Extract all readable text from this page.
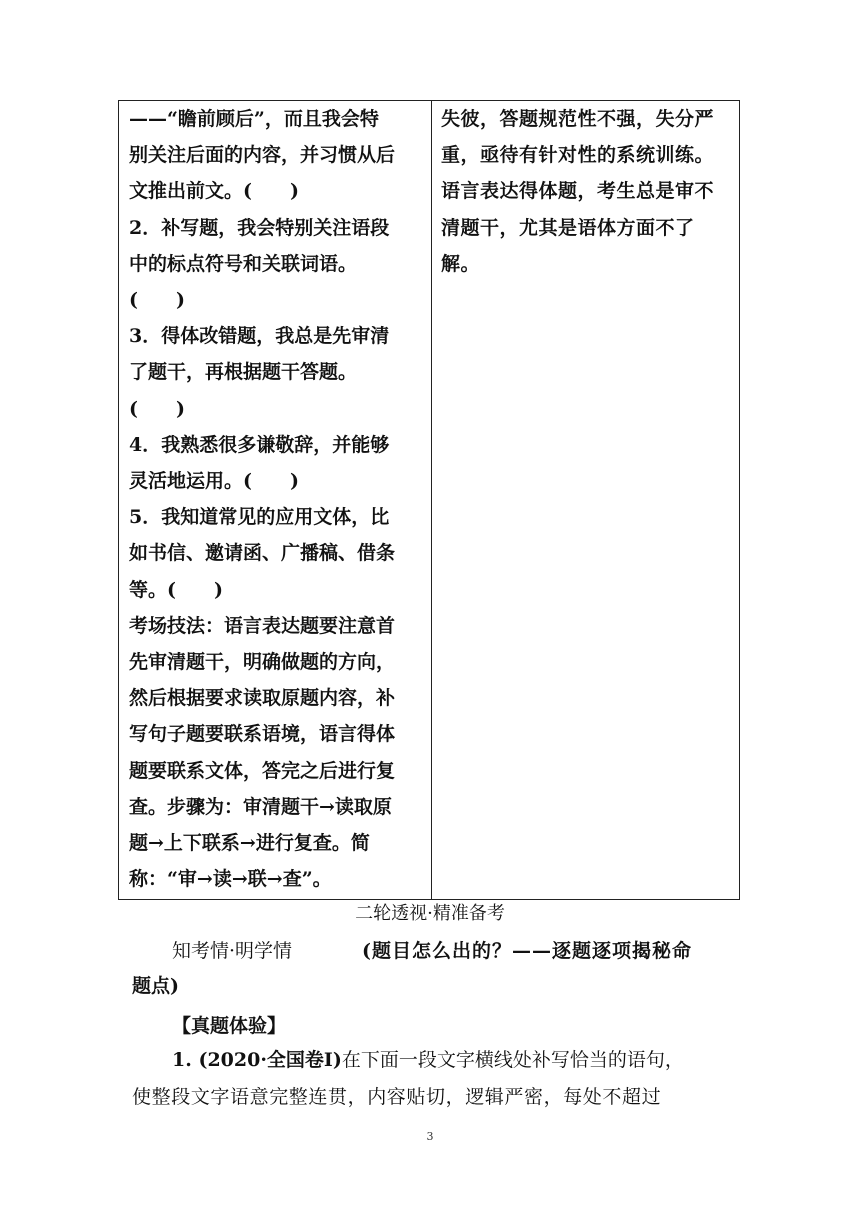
——“瞻前顾后”，而且我会特
别关注后面的内容，并习惯从后
文推出前文。(　　)
2．补写题，我会特别关注语段
中的标点符号和关联词语。
(　　)
3．得体改错题，我总是先审清
了题干，再根据题干答题。
(　　)
4．我熟悉很多谦敬辞，并能够
灵活地运用。(　　)
5．我知道常见的应用文体，比
如书信、邀请函、广播稿、借条
等。(　　)
考场技法：语言表达题要注意首
先审清题干，明确做题的方向，
然后根据要求读取原题内容，补
写句子题要联系语境，语言得体
题要联系文体，答完之后进行复
查。步骤为：审清题干→读取原
题→上下联系→进行复查。简
称：“审→读→联→查”。
失彼，答题规范性不强，失分严
重，亟待有针对性的系统训练。
语言表达得体题，考生总是审不
清题干，尤其是语体方面不了
解。
二轮透视·精准备考
知考情·明学情	(题目怎么出的？——逐题逐项揭秘命
题点)
【真题体验】
1. (2020·全国卷Ⅰ)在下面一段文字横线处补写恰当的语句，
使整段文字语意完整连贯，内容贴切，逻辑严密，每处不超过
3
